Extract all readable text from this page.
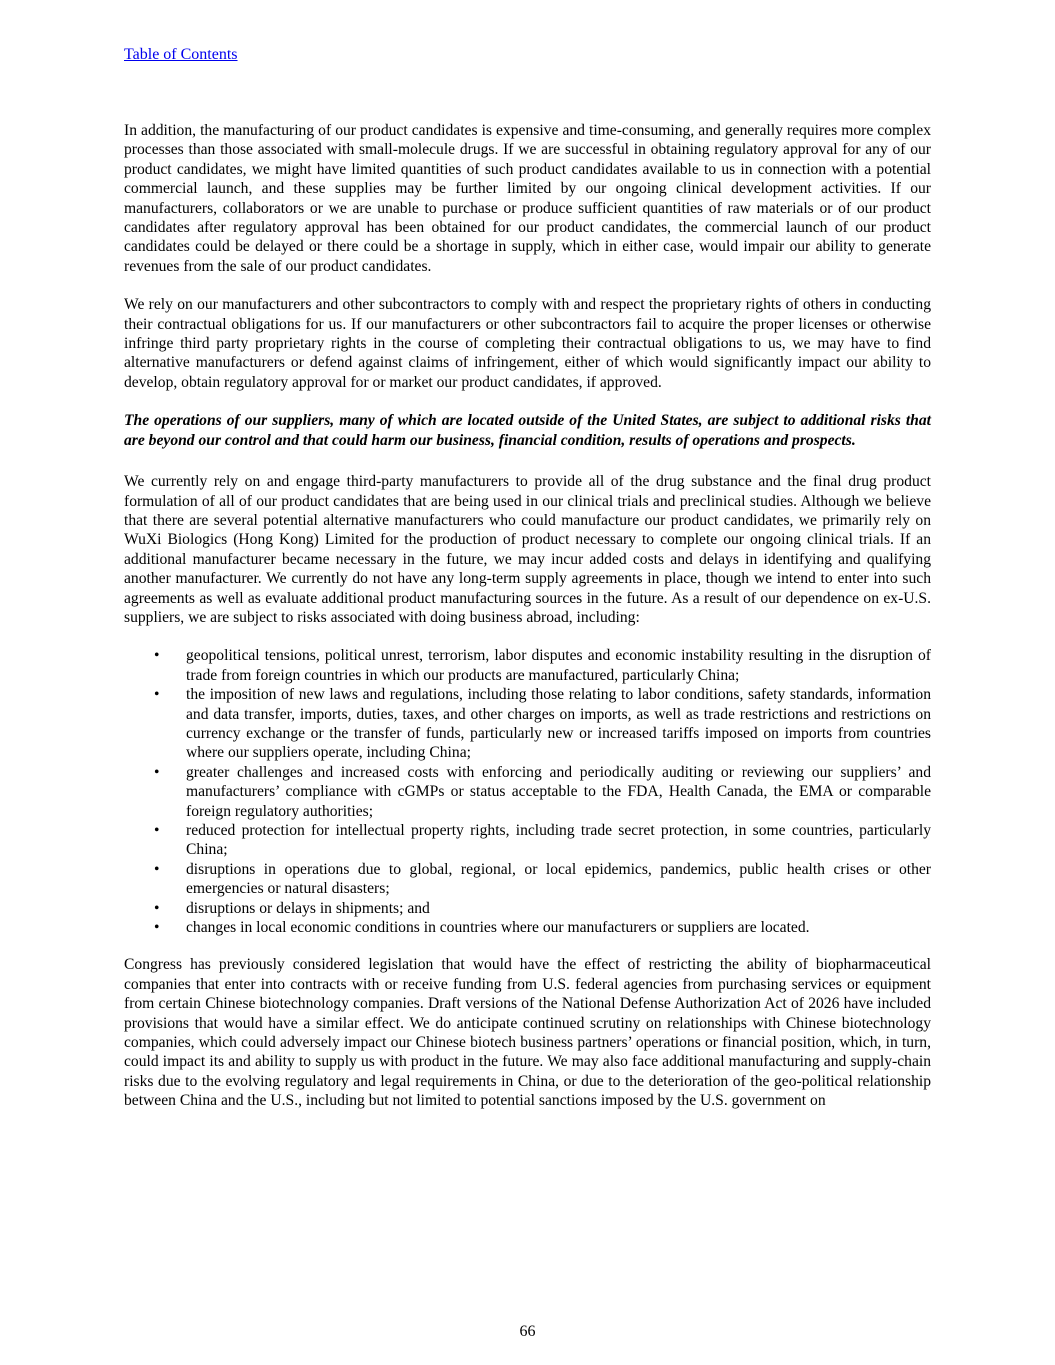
Table of Contents

In addition, the manufacturing of our product candidates is expensive and time-consuming, and generally requires more complex processes than those associated with small-molecule drugs. If we are successful in obtaining regulatory approval for any of our product candidates, we might have limited quantities of such product candidates available to us in connection with a potential commercial launch, and these supplies may be further limited by our ongoing clinical development activities. If our manufacturers, collaborators or we are unable to purchase or produce sufficient quantities of raw materials or of our product candidates after regulatory approval has been obtained for our product candidates, the commercial launch of our product candidates could be delayed or there could be a shortage in supply, which in either case, would impair our ability to generate revenues from the sale of our product candidates.

We rely on our manufacturers and other subcontractors to comply with and respect the proprietary rights of others in conducting their contractual obligations for us. If our manufacturers or other subcontractors fail to acquire the proper licenses or otherwise infringe third party proprietary rights in the course of completing their contractual obligations to us, we may have to find alternative manufacturers or defend against claims of infringement, either of which would significantly impact our ability to develop, obtain regulatory approval for or market our product candidates, if approved.

The operations of our suppliers, many of which are located outside of the United States, are subject to additional risks that are beyond our control and that could harm our business, financial condition, results of operations and prospects.

We currently rely on and engage third-party manufacturers to provide all of the drug substance and the final drug product formulation of all of our product candidates that are being used in our clinical trials and preclinical studies. Although we believe that there are several potential alternative manufacturers who could manufacture our product candidates, we primarily rely on WuXi Biologics (Hong Kong) Limited for the production of product necessary to complete our ongoing clinical trials. If an additional manufacturer became necessary in the future, we may incur added costs and delays in identifying and qualifying another manufacturer. We currently do not have any long-term supply agreements in place, though we intend to enter into such agreements as well as evaluate additional product manufacturing sources in the future. As a result of our dependence on ex-U.S. suppliers, we are subject to risks associated with doing business abroad, including:

• geopolitical tensions, political unrest, terrorism, labor disputes and economic instability resulting in the disruption of trade from foreign countries in which our products are manufactured, particularly China;
• the imposition of new laws and regulations, including those relating to labor conditions, safety standards, information and data transfer, imports, duties, taxes, and other charges on imports, as well as trade restrictions and restrictions on currency exchange or the transfer of funds, particularly new or increased tariffs imposed on imports from countries where our suppliers operate, including China;
• greater challenges and increased costs with enforcing and periodically auditing or reviewing our suppliers’ and manufacturers’ compliance with cGMPs or status acceptable to the FDA, Health Canada, the EMA or comparable foreign regulatory authorities;
• reduced protection for intellectual property rights, including trade secret protection, in some countries, particularly China;
• disruptions in operations due to global, regional, or local epidemics, pandemics, public health crises or other emergencies or natural disasters;
• disruptions or delays in shipments; and
• changes in local economic conditions in countries where our manufacturers or suppliers are located.

Congress has previously considered legislation that would have the effect of restricting the ability of biopharmaceutical companies that enter into contracts with or receive funding from U.S. federal agencies from purchasing services or equipment from certain Chinese biotechnology companies. Draft versions of the National Defense Authorization Act of 2026 have included provisions that would have a similar effect. We do anticipate continued scrutiny on relationships with Chinese biotechnology companies, which could adversely impact our Chinese biotech business partners’ operations or financial position, which, in turn, could impact its and ability to supply us with product in the future. We may also face additional manufacturing and supply-chain risks due to the evolving regulatory and legal requirements in China, or due to the deterioration of the geo-political relationship between China and the U.S., including but not limited to potential sanctions imposed by the U.S. government on

66
